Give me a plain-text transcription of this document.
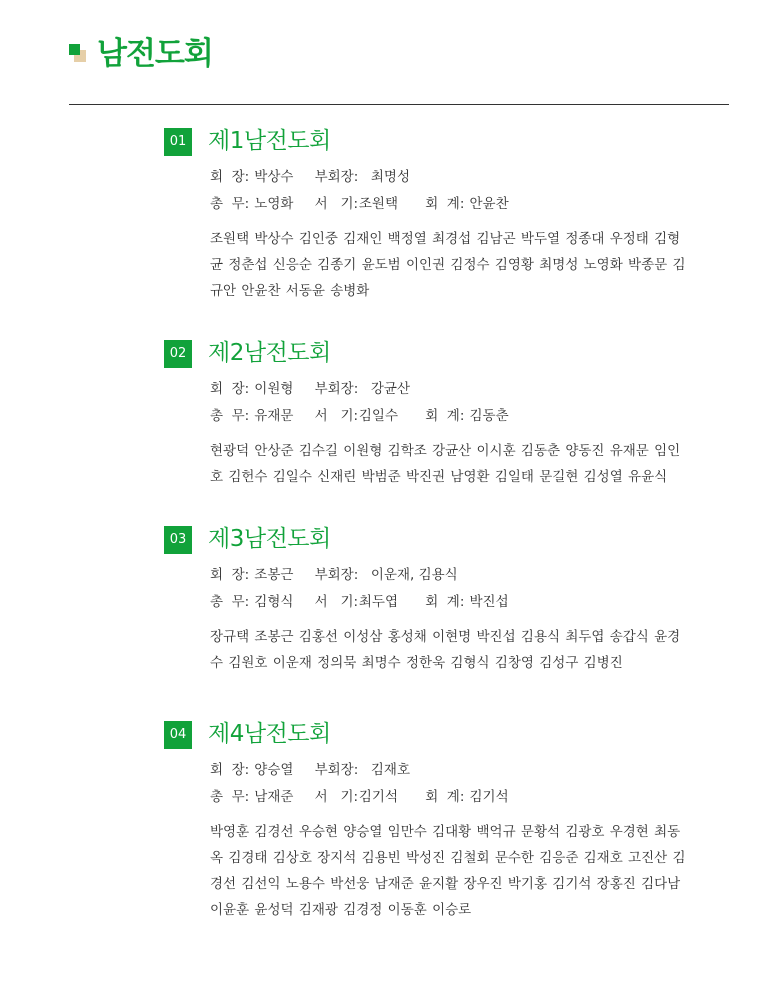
남전도회
01 제1남전도회
회  장: 박상수 부회장: 최명성
총  무: 노영화 서   기: 조원택 회  계: 안윤찬
조원택 박상수 김인중 김재인 백정열 최경섭 김남곤 박두열 정종대 우정태 김형균 정춘섭 신응순 김종기 윤도범 이인권 김정수 김영황 최명성 노영화 박종문 김규안 안윤찬 서동윤 송병화
02 제2남전도회
회  장: 이원형 부회장: 강균산
총  무: 유재문 서   기: 김일수 회  계: 김동춘
현광덕 안상준 김수길 이원형 김학조 강균산 이시훈 김동춘 양동진 유재문 임인호 김헌수 김일수 신재린 박범준 박진권 남영환 김일태 문길현 김성열 유윤식
03 제3남전도회
회  장: 조봉근 부회장: 이운재, 김용식
총  무: 김형식 서   기: 최두엽 회  계: 박진섭
장규택 조봉근 김홍선 이성삼 홍성채 이현명 박진섭 김용식 최두엽 송갑식 윤경수 김원호 이운재 정의묵 최명수 정한욱 김형식 김창영 김성구 김병진
04 제4남전도회
회  장: 양승열 부회장: 김재호
총  무: 남재준 서   기: 김기석 회  계: 김기석
박영훈 김경선 우승현 양승열 임만수 김대황 백억규 문황석 김광호 우경현 최동옥 김경태 김상호 장지석 김용빈 박성진 김철회 문수한 김응준 김재호 고진산 김경선 김선익 노용수 박선웅 남재준 윤지활 장우진 박기홍 김기석 장홍진 김다남 이윤훈 윤성덕 김재광 김경정 이동훈 이승로
